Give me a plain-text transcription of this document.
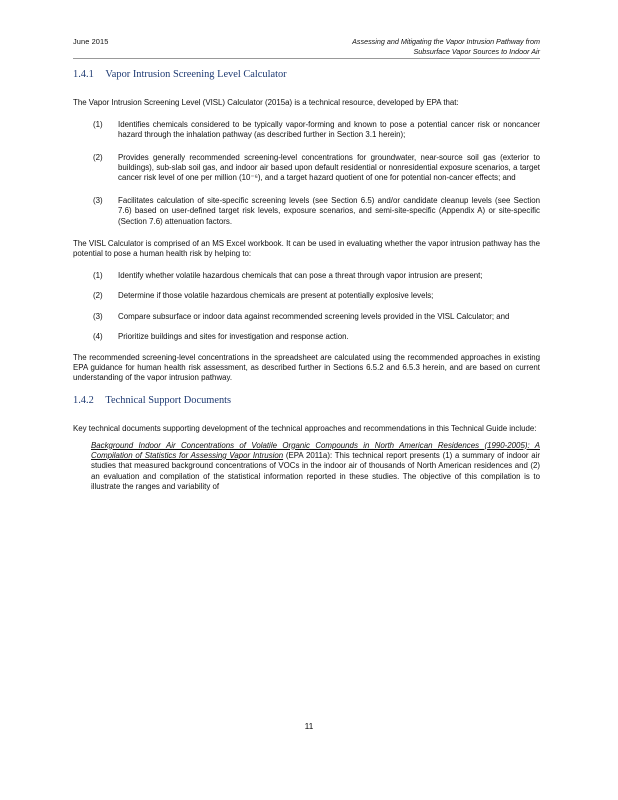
June 2015	Assessing and Mitigating the Vapor Intrusion Pathway from
Subsurface Vapor Sources to Indoor Air
1.4.1 Vapor Intrusion Screening Level Calculator

The Vapor Intrusion Screening Level (VISL) Calculator (2015a) is a technical resource, developed by EPA that:

(1) Identifies chemicals considered to be typically vapor-forming and known to pose a potential cancer risk or noncancer hazard through the inhalation pathway (as described further in Section 3.1 herein);
(2) Provides generally recommended screening-level concentrations for groundwater, near-source soil gas (exterior to buildings), sub-slab soil gas, and indoor air based upon default residential or nonresidential exposure scenarios, a target cancer risk level of one per million (10⁻⁶), and a target hazard quotient of one for potential non-cancer effects; and
(3) Facilitates calculation of site-specific screening levels (see Section 6.5) and/or candidate cleanup levels (see Section 7.6) based on user-defined target risk levels, exposure scenarios, and semi-site-specific (Appendix A) or site-specific (Section 7.6) attenuation factors.

The VISL Calculator is comprised of an MS Excel workbook. It can be used in evaluating whether the vapor intrusion pathway has the potential to pose a human health risk by helping to:

(1) Identify whether volatile hazardous chemicals that can pose a threat through vapor intrusion are present;
(2) Determine if those volatile hazardous chemicals are present at potentially explosive levels;
(3) Compare subsurface or indoor data against recommended screening levels provided in the VISL Calculator; and
(4) Prioritize buildings and sites for investigation and response action.

The recommended screening-level concentrations in the spreadsheet are calculated using the recommended approaches in existing EPA guidance for human health risk assessment, as described further in Sections 6.5.2 and 6.5.3 herein, and are based on current understanding of the vapor intrusion pathway.

1.4.2 Technical Support Documents

Key technical documents supporting development of the technical approaches and recommendations in this Technical Guide include:

Background Indoor Air Concentrations of Volatile Organic Compounds in North American Residences (1990-2005): A Compilation of Statistics for Assessing Vapor Intrusion (EPA 2011a): This technical report presents (1) a summary of indoor air studies that measured background concentrations of VOCs in the indoor air of thousands of North American residences and (2) an evaluation and compilation of the statistical information reported in these studies. The objective of this compilation is to illustrate the ranges and variability of

11
